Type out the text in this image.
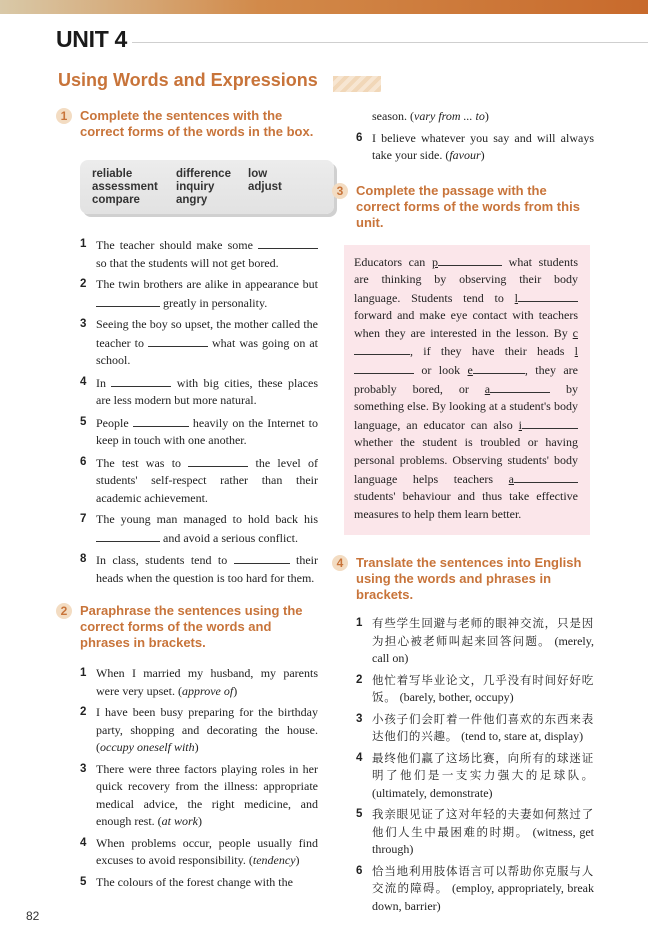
UNIT 4
Using Words and Expressions
1 Complete the sentences with the correct forms of the words in the box.
reliable	difference	low
assessment	inquiry	adjust
compare	angry
1 The teacher should make some  so that the students will not get bored.
2 The twin brothers are alike in appearance but  greatly in personality.
3 Seeing the boy so upset, the mother called the teacher to	what was going on at school.
4 In	with big cities, these places are less modern but more natural.
5 People	heavily on the Internet to keep in touch with one another.
6 The test was to	the level of students' self-respect rather than their academic achievement.
7 The young man managed to hold back his  and avoid a serious conflict.
8 In class, students tend to	their heads when the question is too hard for them.
2 Paraphrase the sentences using the correct forms of the words and phrases in brackets.
1 When I married my husband, my parents were very upset. (approve of)
2 I have been busy preparing for the birthday party, shopping and decorating the house. (occupy oneself with)
3 There were three factors playing roles in her quick recovery from the illness: appropriate medical advice, the right medicine, and enough rest. (at work)
4 When problems occur, people usually find excuses to avoid responsibility. (tendency)
5 The colours of the forest change with the
season. (vary from ... to)
6 I believe whatever you say and will always take your side. (favour)
3 Complete the passage with the correct forms of the words from this unit.
Educators can p	what students are thinking by observing their body language. Students tend to l forward and make eye contact with teachers when they are interested in the lesson. By c, if they have their heads l or look e	, they are probably bored, or a	by something else. By looking at a student's body language, an educator can also i whether the student is troubled or having personal problems. Observing students' body language helps teachers a students' behaviour and thus take effective measures to help them learn better.
4 Translate the sentences into English using the words and phrases in brackets.
1 有些学生回避与老师的眼神交流，只是因为担心被老师叫起来回答问题。 (merely, call on)
2 他忙着写毕业论文，几乎没有时间好好吃饭。 (barely, bother, occupy)
3 小孩子们会盯着一件他们喜欢的东西来表达他们的兴趣。 (tend to, stare at, display)
4 最终他们赢了这场比赛，向所有的球迷证明了他们是一支实力强大的足球队。 (ultimately, demonstrate)
5 我亲眼见证了这对年轻的夫妻如何熬过了他们人生中最困难的时期。 (witness, get through)
6 恰当地利用肢体语言可以帮助你克服与人交流的障碍。 (employ, appropriately, break down, barrier)
82
